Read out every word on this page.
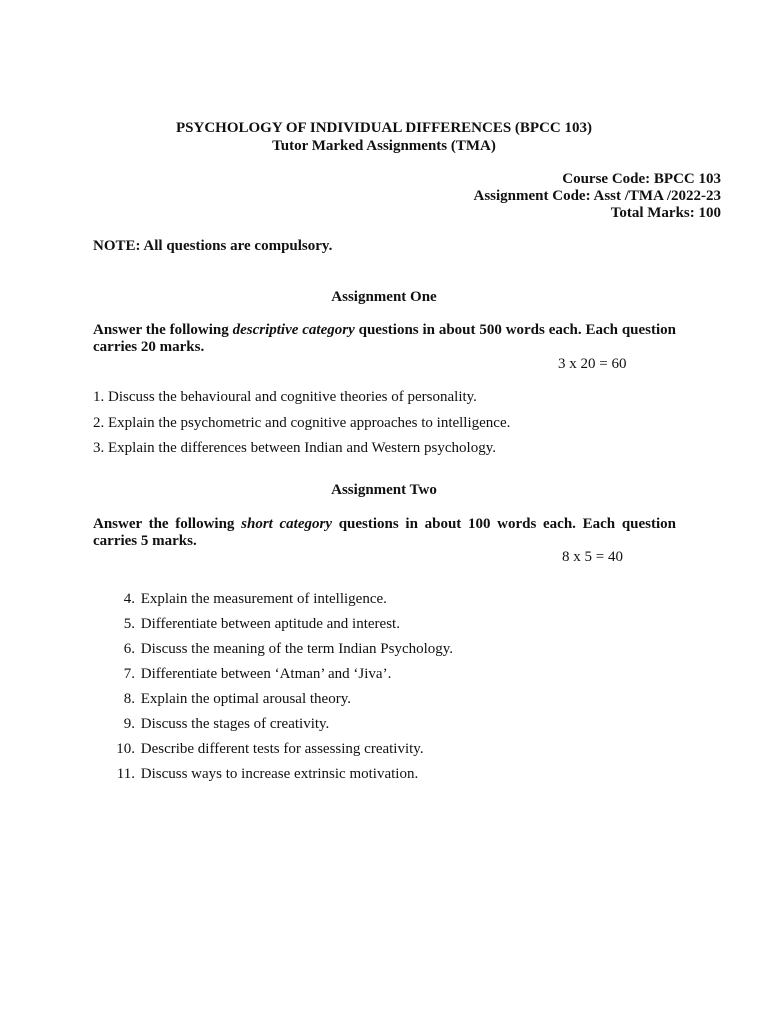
PSYCHOLOGY OF INDIVIDUAL DIFFERENCES (BPCC 103)

Tutor Marked Assignments (TMA)

Course Code: BPCC 103

Assignment Code: Asst /TMA /2022-23

Total Marks: 100

NOTE: All questions are compulsory.

Assignment One

Answer the following descriptive category questions in about 500 words each. Each question carries 20 marks.

3 x 20 = 60

1. Discuss the behavioural and cognitive theories of personality.
2. Explain the psychometric and cognitive approaches to intelligence.
3. Explain the differences between Indian and Western psychology.

Assignment Two

Answer the following short category questions in about 100 words each. Each question carries 5 marks.

8 x 5 = 40

4. Explain the measurement of intelligence.
5. Differentiate between aptitude and interest.
6. Discuss the meaning of the term Indian Psychology.
7. Differentiate between ‘Atman’ and ‘Jiva’.
8. Explain the optimal arousal theory.
9. Discuss the stages of creativity.
10. Describe different tests for assessing creativity.
11. Discuss ways to increase extrinsic motivation.
